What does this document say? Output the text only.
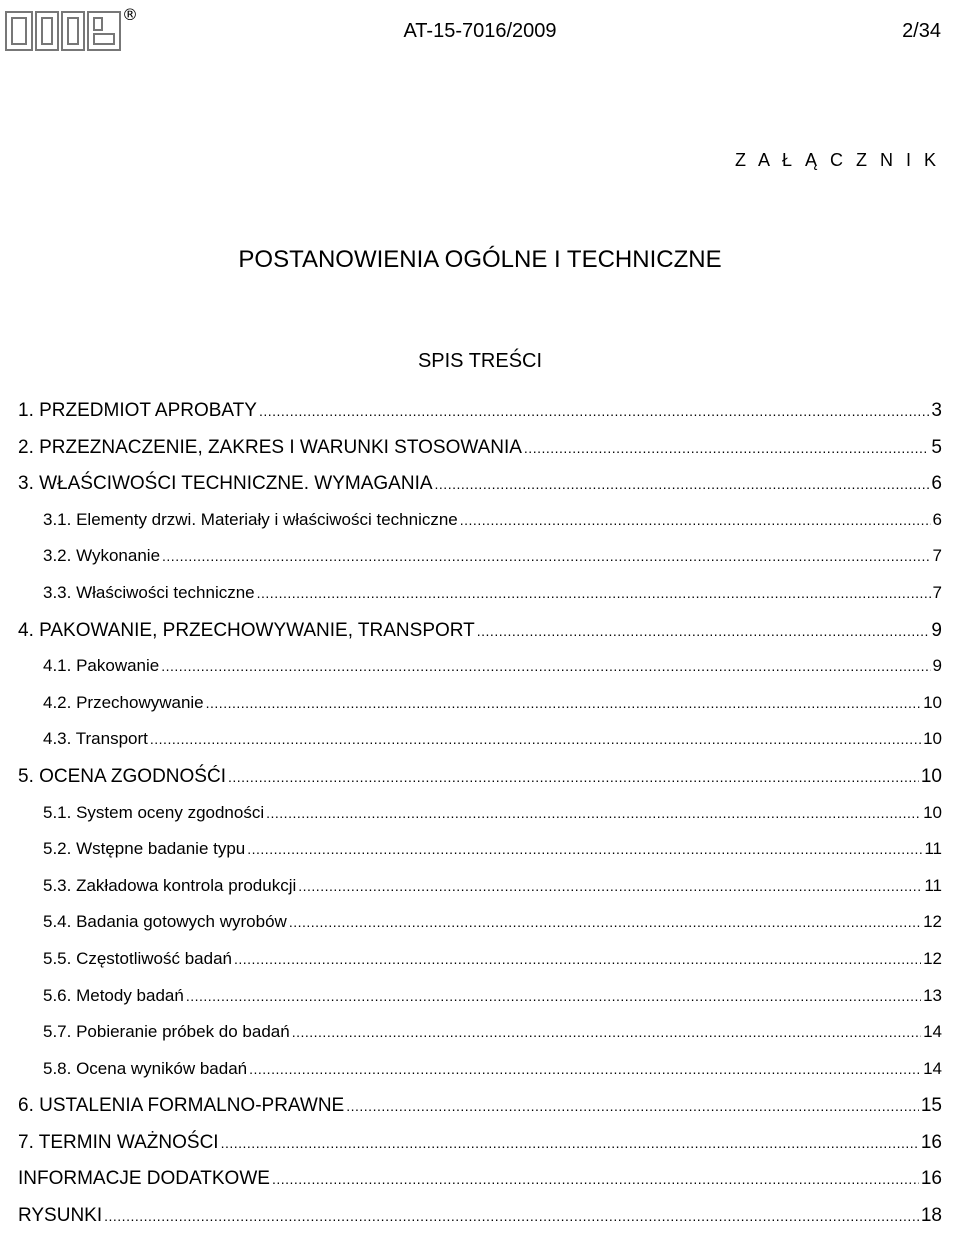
®
AT-15-7016/2009	2/34
Z A Ł Ą C Z N I K
POSTANOWIENIA OGÓLNE I TECHNICZNE
SPIS TREŚCI
1. PRZEDMIOT APROBATY .....	3
2. PRZEZNACZENIE, ZAKRES I WARUNKI STOSOWANIA .....	5
3. WŁAŚCIWOŚCI TECHNICZNE. WYMAGANIA .....	6
3.1. Elementy drzwi. Materiały i właściwości techniczne .....	6
3.2. Wykonanie .....	7
3.3. Właściwości techniczne .....	7
4. PAKOWANIE, PRZECHOWYWANIE, TRANSPORT .....	9
4.1. Pakowanie .....	9
4.2. Przechowywanie .....	10
4.3. Transport .....	10
5. OCENA ZGODNOŚĆI .....	10
5.1. System oceny zgodności .....	10
5.2. Wstępne badanie typu .....	11
5.3. Zakładowa kontrola produkcji .....	11
5.4. Badania gotowych wyrobów .....	12
5.5. Częstotliwość badań .....	12
5.6. Metody badań .....	13
5.7. Pobieranie próbek do badań .....	14
5.8. Ocena wyników badań .....	14
6. USTALENIA FORMALNO-PRAWNE .....	15
7. TERMIN WAŻNOŚCI .....	16
INFORMACJE DODATKOWE .....	16
RYSUNKI .....	18
